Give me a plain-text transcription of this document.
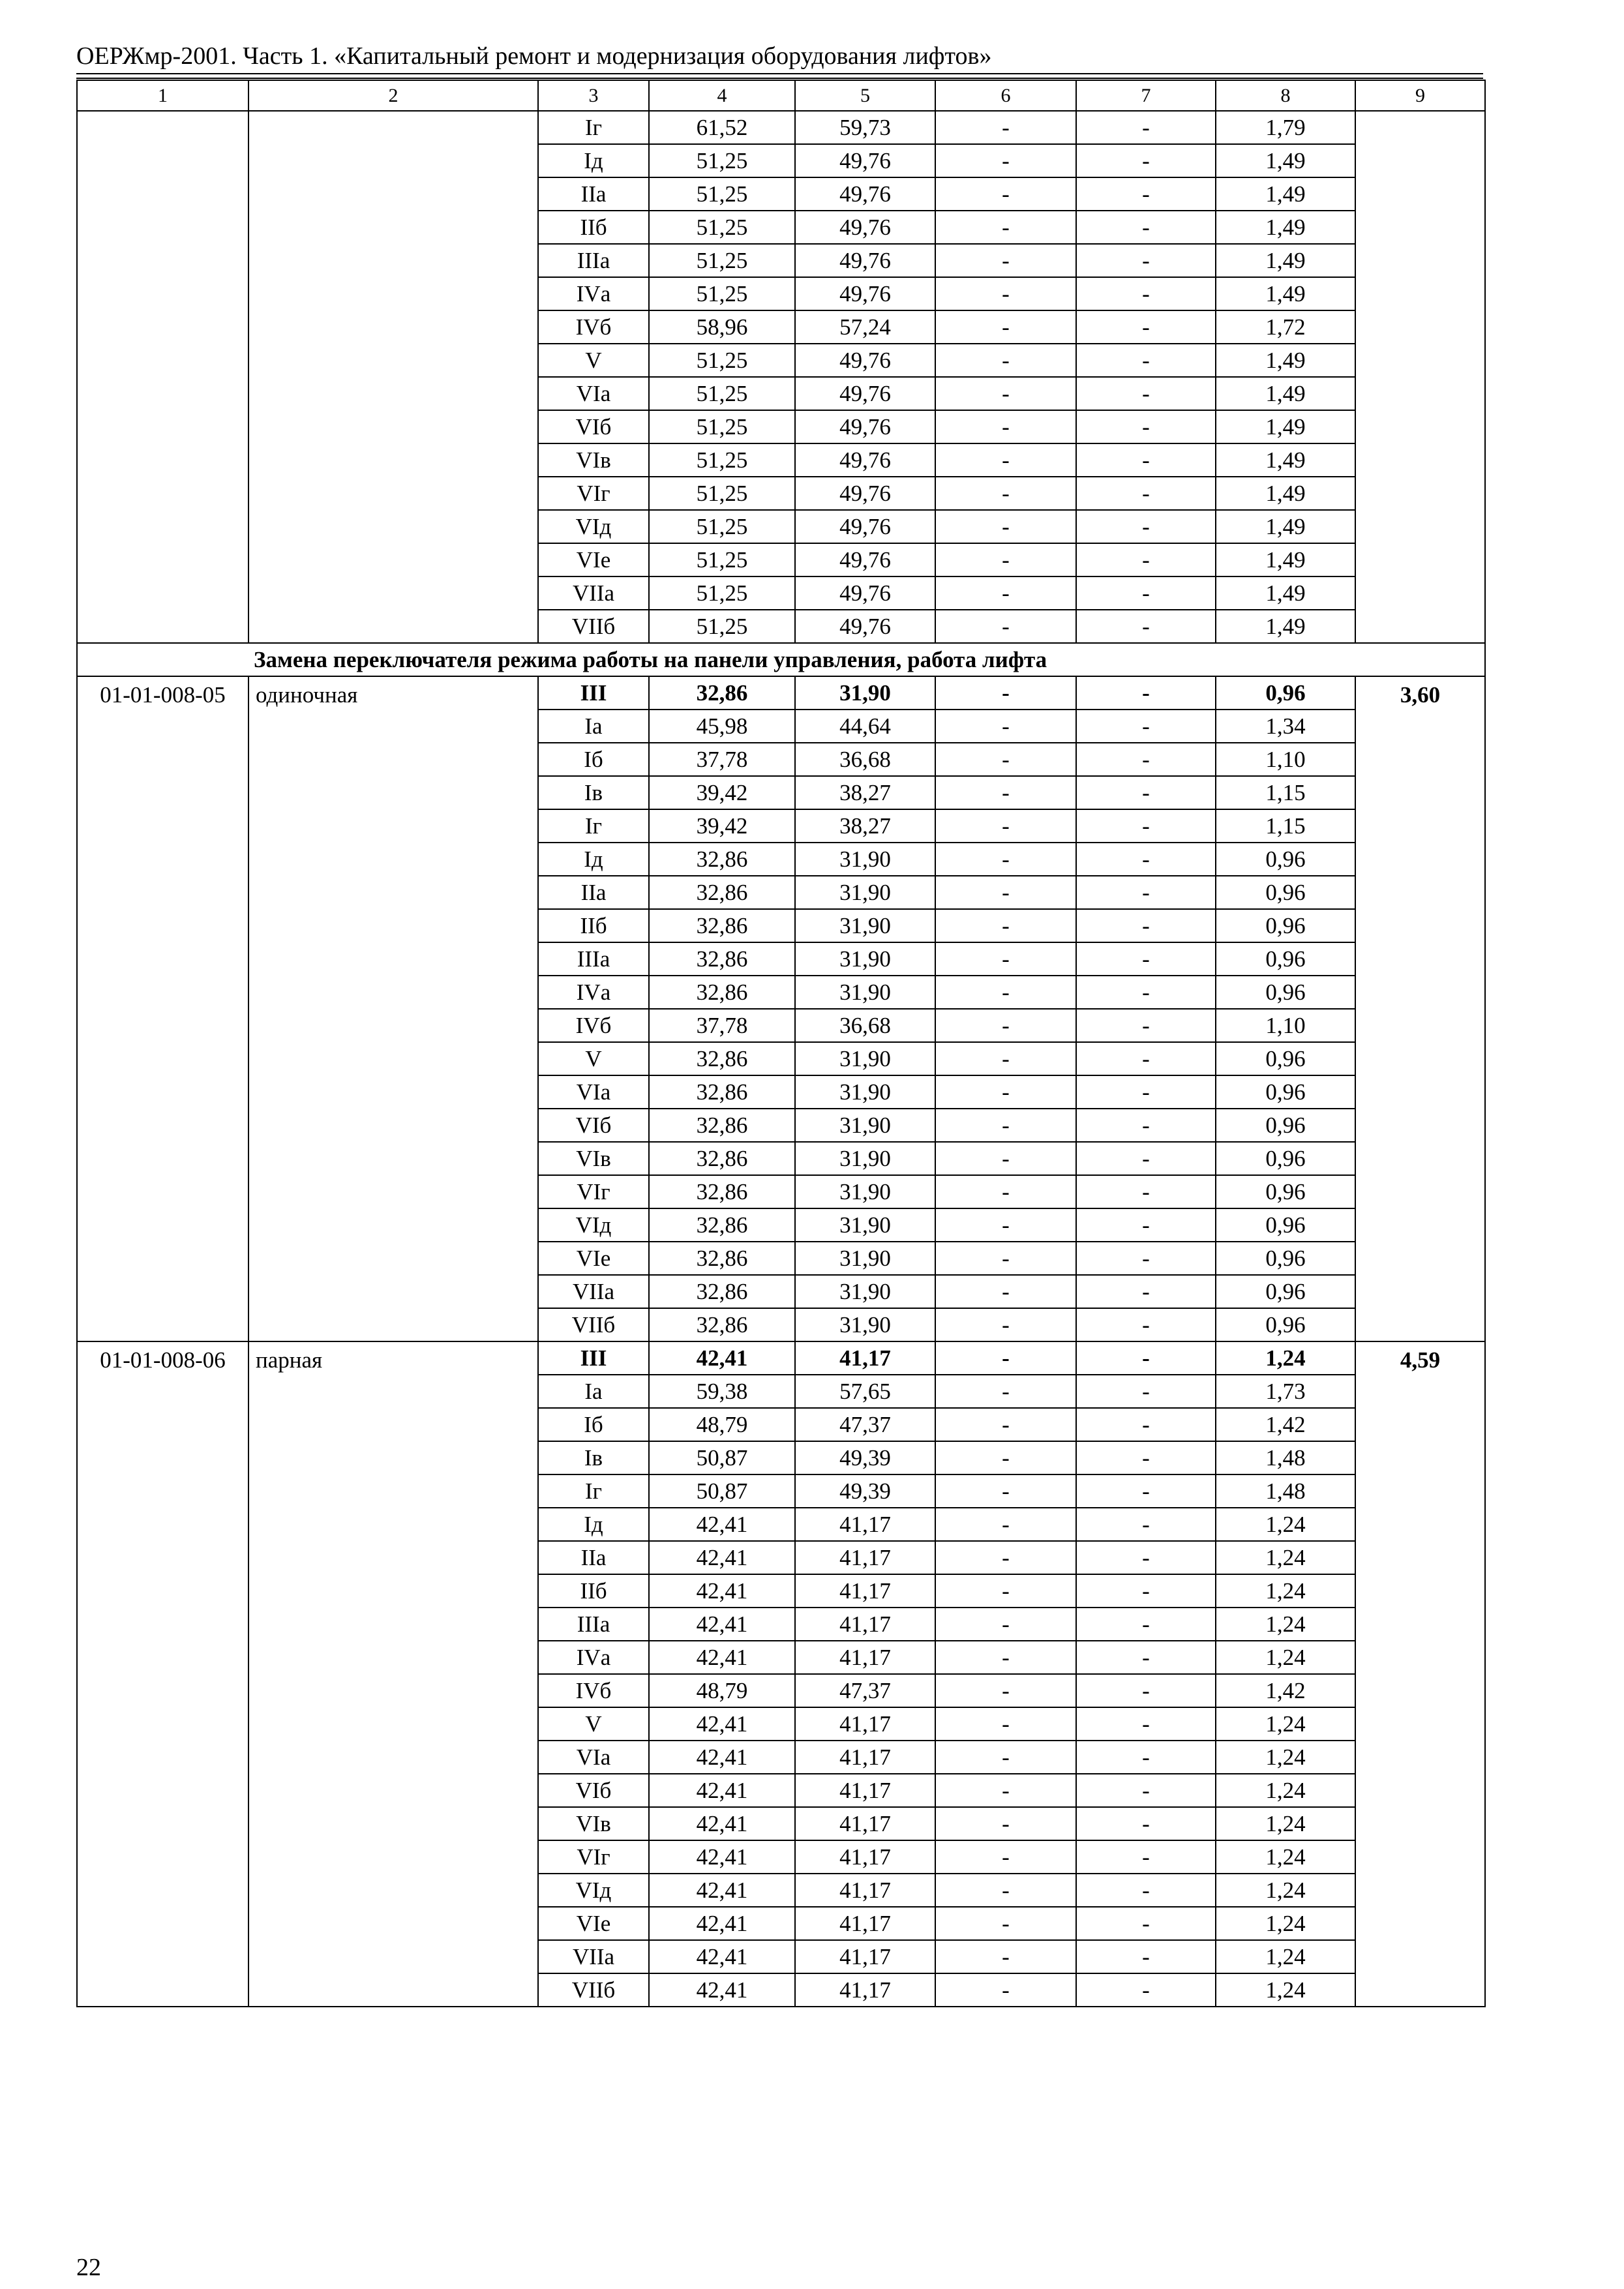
ОЕРЖмр-2001. Часть 1. «Капитальный ремонт и модернизация оборудования лифтов»
1	2	3	4	5	6	7	8	9
		Iг	61,52	59,73	-	-	1,79	
		Iд	51,25	49,76	-	-	1,49	
		IIа	51,25	49,76	-	-	1,49	
		IIб	51,25	49,76	-	-	1,49	
		IIIа	51,25	49,76	-	-	1,49	
		IVа	51,25	49,76	-	-	1,49	
		IVб	58,96	57,24	-	-	1,72	
		V	51,25	49,76	-	-	1,49	
		VIа	51,25	49,76	-	-	1,49	
		VIб	51,25	49,76	-	-	1,49	
		VIв	51,25	49,76	-	-	1,49	
		VIг	51,25	49,76	-	-	1,49	
		VIд	51,25	49,76	-	-	1,49	
		VIе	51,25	49,76	-	-	1,49	
		VIIа	51,25	49,76	-	-	1,49	
		VIIб	51,25	49,76	-	-	1,49	
Замена переключателя режима работы на панели управления, работа лифта								
01-01-008-05	одиночная	III	32,86	31,90	-	-	0,96	3,60
		Iа	45,98	44,64	-	-	1,34	
		Iб	37,78	36,68	-	-	1,10	
		Iв	39,42	38,27	-	-	1,15	
		Iг	39,42	38,27	-	-	1,15	
		Iд	32,86	31,90	-	-	0,96	
		IIа	32,86	31,90	-	-	0,96	
		IIб	32,86	31,90	-	-	0,96	
		IIIа	32,86	31,90	-	-	0,96	
		IVа	32,86	31,90	-	-	0,96	
		IVб	37,78	36,68	-	-	1,10	
		V	32,86	31,90	-	-	0,96	
		VIа	32,86	31,90	-	-	0,96	
		VIб	32,86	31,90	-	-	0,96	
		VIв	32,86	31,90	-	-	0,96	
		VIг	32,86	31,90	-	-	0,96	
		VIд	32,86	31,90	-	-	0,96	
		VIе	32,86	31,90	-	-	0,96	
		VIIа	32,86	31,90	-	-	0,96	
		VIIб	32,86	31,90	-	-	0,96	
01-01-008-06	парная	III	42,41	41,17	-	-	1,24	4,59
		Iа	59,38	57,65	-	-	1,73	
		Iб	48,79	47,37	-	-	1,42	
		Iв	50,87	49,39	-	-	1,48	
		Iг	50,87	49,39	-	-	1,48	
		Iд	42,41	41,17	-	-	1,24	
		IIа	42,41	41,17	-	-	1,24	
		IIб	42,41	41,17	-	-	1,24	
		IIIа	42,41	41,17	-	-	1,24	
		IVа	42,41	41,17	-	-	1,24	
		IVб	48,79	47,37	-	-	1,42	
		V	42,41	41,17	-	-	1,24	
		VIа	42,41	41,17	-	-	1,24	
		VIб	42,41	41,17	-	-	1,24	
		VIв	42,41	41,17	-	-	1,24	
		VIг	42,41	41,17	-	-	1,24	
		VIд	42,41	41,17	-	-	1,24	
		VIе	42,41	41,17	-	-	1,24	
		VIIа	42,41	41,17	-	-	1,24	
		VIIб	42,41	41,17	-	-	1,24	
22
